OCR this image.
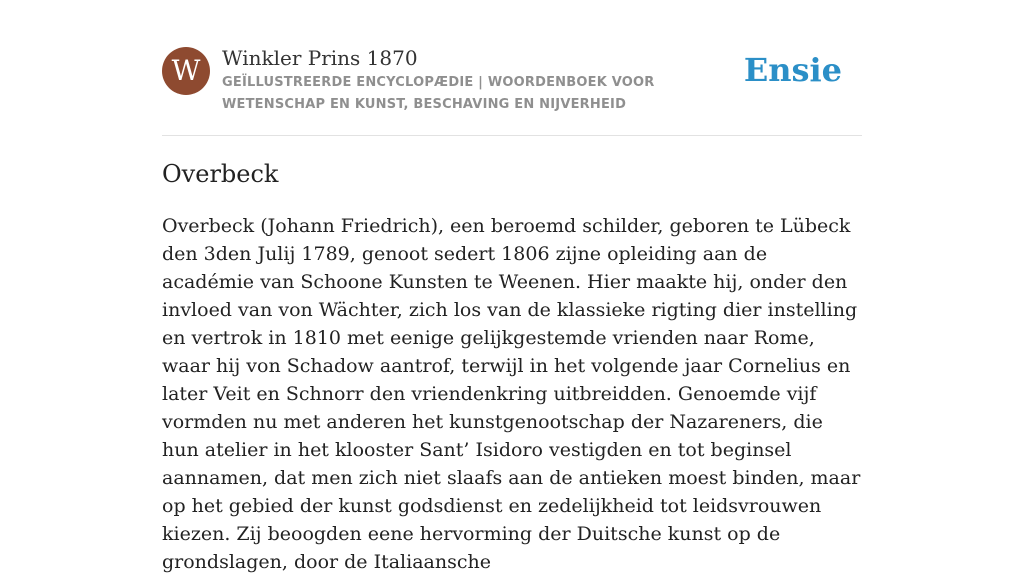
W	Winkler Prins 1870
GEÏLLUSTREERDE ENCYCLOPÆDIE | WOORDENBOEK VOOR WETENSCHAP EN KUNST, BESCHAVING EN NIJVERHEID
Ensie
Overbeck

Overbeck (Johann Friedrich), een beroemd schilder, geboren te Lübeck den 3den Julij 1789, genoot sedert 1806 zijne opleiding aan de académie van Schoone Kunsten te Weenen. Hier maakte hij, onder den invloed van von Wächter, zich los van de klassieke rigting dier instelling en vertrok in 1810 met eenige gelijkgestemde vrienden naar Rome, waar hij von Schadow aantrof, terwijl in het volgende jaar Cornelius en later Veit en Schnorr den vriendenkring uitbreidden. Genoemde vijf vormden nu met anderen het kunstgenootschap der Nazareners, die hun atelier in het klooster Sant’ Isidoro vestigden en tot beginsel aannamen, dat men zich niet slaafs aan de antieken moest binden, maar op het gebied der kunst godsdienst en zedelijkheid tot leidsvrouwen kiezen. Zij beoogden eene hervorming der Duitsche kunst op de grondslagen, door de Italiaansche
